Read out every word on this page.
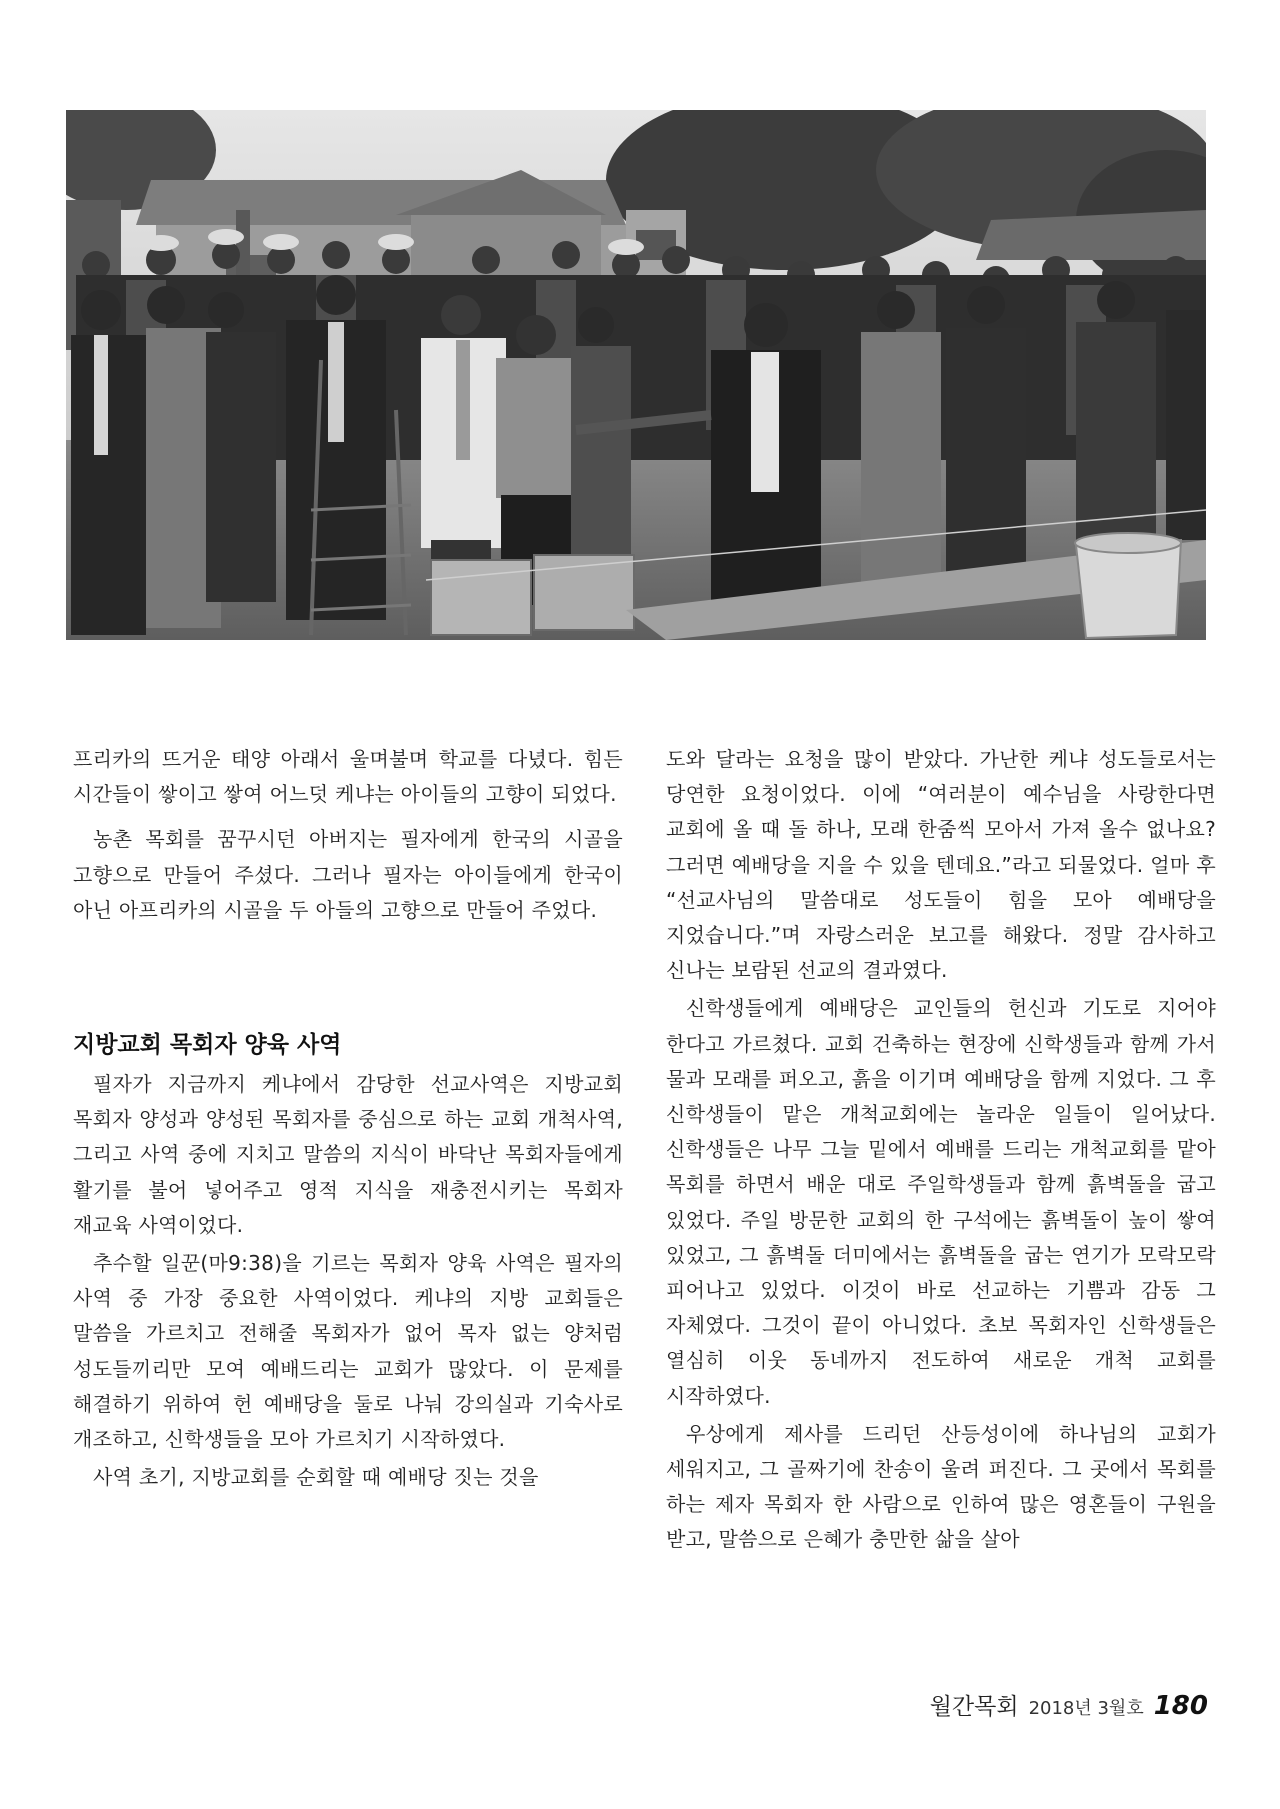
프리카의 뜨거운 태양 아래서 울며불며 학교를 다녔다. 힘든 시간들이 쌓이고 쌓여 어느덧 케냐는 아이들의 고향이 되었다.

농촌 목회를 꿈꾸시던 아버지는 필자에게 한국의 시골을 고향으로 만들어 주셨다. 그러나 필자는 아이들에게 한국이 아닌 아프리카의 시골을 두 아들의 고향으로 만들어 주었다.

지방교회 목회자 양육 사역

필자가 지금까지 케냐에서 감당한 선교사역은 지방교회 목회자 양성과 양성된 목회자를 중심으로 하는 교회 개척사역, 그리고 사역 중에 지치고 말씀의 지식이 바닥난 목회자들에게 활기를 불어 넣어주고 영적 지식을 재충전시키는 목회자 재교육 사역이었다.

추수할 일꾼(마9:38)을 기르는 목회자 양육 사역은 필자의 사역 중 가장 중요한 사역이었다. 케냐의 지방 교회들은 말씀을 가르치고 전해줄 목회자가 없어 목자 없는 양처럼 성도들끼리만 모여 예배드리는 교회가 많았다. 이 문제를 해결하기 위하여 헌 예배당을 둘로 나눠 강의실과 기숙사로 개조하고, 신학생들을 모아 가르치기 시작하였다.

사역 초기, 지방교회를 순회할 때 예배당 짓는 것을

도와 달라는 요청을 많이 받았다. 가난한 케냐 성도들로서는 당연한 요청이었다. 이에 “여러분이 예수님을 사랑한다면 교회에 올 때 돌 하나, 모래 한줌씩 모아서 가져 올수 없나요? 그러면 예배당을 지을 수 있을 텐데요.”라고 되물었다. 얼마 후 “선교사님의 말씀대로 성도들이 힘을 모아 예배당을 지었습니다.”며 자랑스러운 보고를 해왔다. 정말 감사하고 신나는 보람된 선교의 결과였다.

신학생들에게 예배당은 교인들의 헌신과 기도로 지어야 한다고 가르쳤다. 교회 건축하는 현장에 신학생들과 함께 가서 물과 모래를 퍼오고, 흙을 이기며 예배당을 함께 지었다. 그 후 신학생들이 맡은 개척교회에는 놀라운 일들이 일어났다. 신학생들은 나무 그늘 밑에서 예배를 드리는 개척교회를 맡아 목회를 하면서 배운 대로 주일학생들과 함께 흙벽돌을 굽고 있었다. 주일 방문한 교회의 한 구석에는 흙벽돌이 높이 쌓여 있었고, 그 흙벽돌 더미에서는 흙벽돌을 굽는 연기가 모락모락 피어나고 있었다. 이것이 바로 선교하는 기쁨과 감동 그 자체였다. 그것이 끝이 아니었다. 초보 목회자인 신학생들은 열심히 이웃 동네까지 전도하여 새로운 개척 교회를 시작하였다.

우상에게 제사를 드리던 산등성이에 하나님의 교회가 세워지고, 그 골짜기에 찬송이 울려 퍼진다. 그 곳에서 목회를 하는 제자 목회자 한 사람으로 인하여 많은 영혼들이 구원을 받고, 말씀으로 은혜가 충만한 삶을 살아

월간목회 2018년 3월호 180
